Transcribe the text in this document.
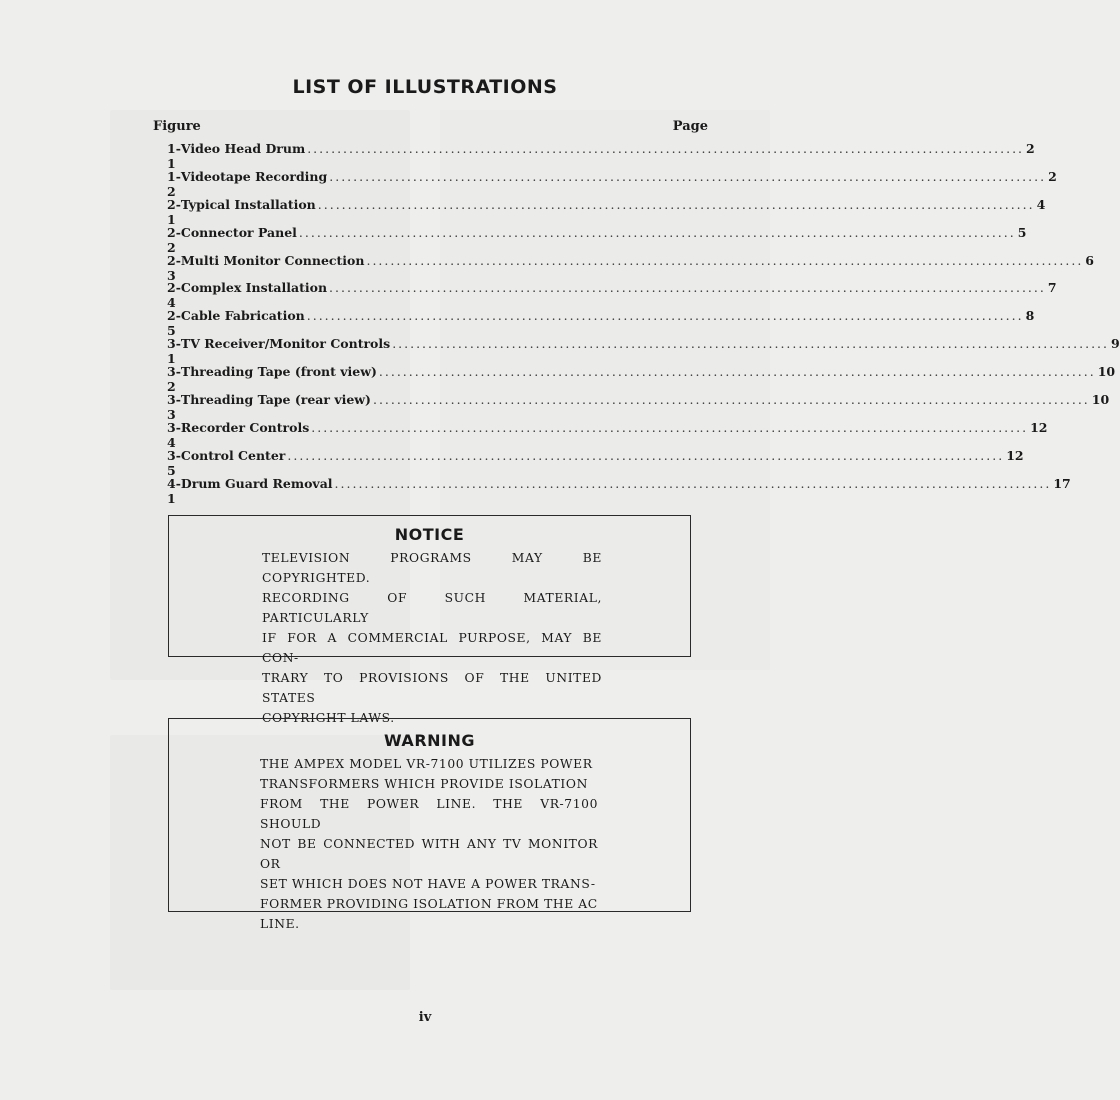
LIST OF ILLUSTRATIONS
Figure	Page
1-1
Video Head Drum ........................................................................................................................ 2
1-2
Videotape Recording ........................................................................................................................ 2
2-1
Typical Installation ........................................................................................................................ 4
2-2
Connector Panel ........................................................................................................................ 5
2-3
Multi Monitor Connection ........................................................................................................................ 6
2-4
Complex Installation ........................................................................................................................ 7
2-5
Cable Fabrication ........................................................................................................................ 8
3-1
TV Receiver/Monitor Controls ........................................................................................................................ 9
3-2
Threading Tape (front view) ........................................................................................................................ 10
3-3
Threading Tape (rear view) ........................................................................................................................ 10
3-4
Recorder Controls ........................................................................................................................ 12
3-5
Control Center ........................................................................................................................ 12
4-1
Drum Guard Removal ........................................................................................................................ 17
NOTICE
TELEVISION PROGRAMS MAY BE COPYRIGHTED.
RECORDING OF SUCH MATERIAL, PARTICULARLY
IF FOR A COMMERCIAL PURPOSE, MAY BE CON-
TRARY TO PROVISIONS OF THE UNITED STATES
COPYRIGHT LAWS.
WARNING
THE AMPEX MODEL VR-7100 UTILIZES POWER
TRANSFORMERS WHICH PROVIDE ISOLATION
FROM THE POWER LINE. THE VR-7100 SHOULD
NOT BE CONNECTED WITH ANY TV MONITOR OR
SET WHICH DOES NOT HAVE A POWER TRANS-
FORMER PROVIDING ISOLATION FROM THE AC
LINE.
iv
